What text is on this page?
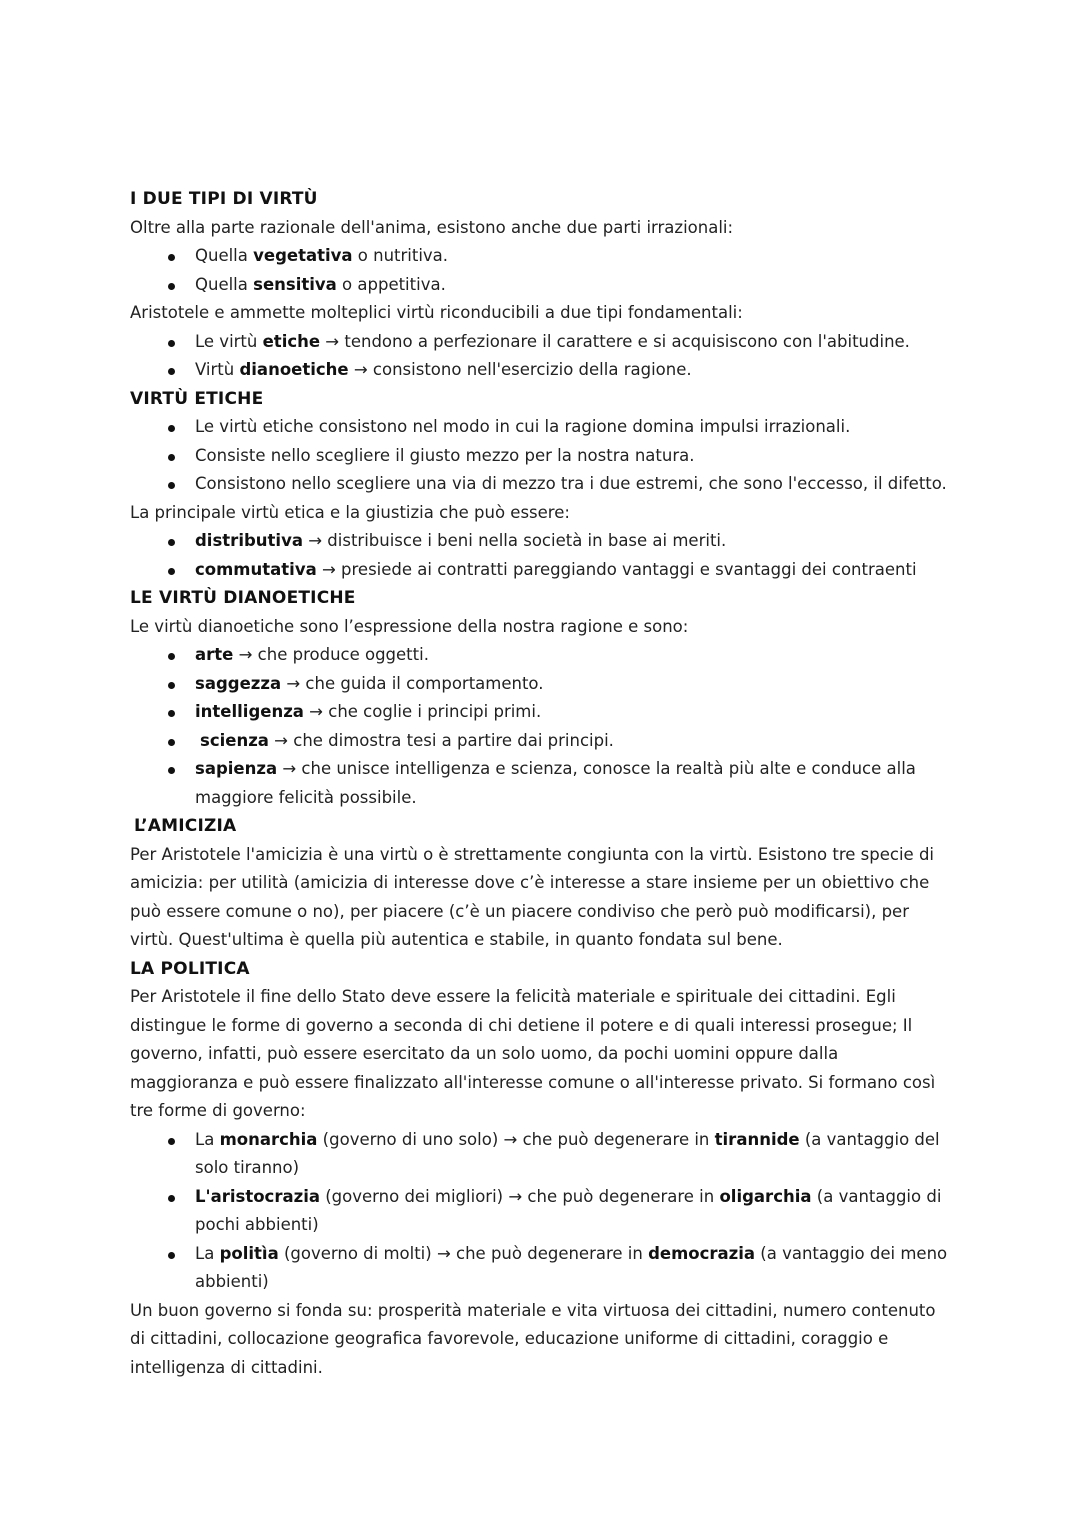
I DUE TIPI DI VIRTÙ

Oltre alla parte razionale dell'anima, esistono anche due parti irrazionali:

Quella vegetativa o nutritiva.
Quella sensitiva o appetitiva.

Aristotele e ammette molteplici virtù riconducibili a due tipi fondamentali:

Le virtù etiche → tendono a perfezionare il carattere e si acquisiscono con l'abitudine.
Virtù dianoetiche → consistono nell'esercizio della ragione.
VIRTÙ ETICHE
Le virtù etiche consistono nel modo in cui la ragione domina impulsi irrazionali.
Consiste nello scegliere il giusto mezzo per la nostra natura.
Consistono nello scegliere una via di mezzo tra i due estremi, che sono l'eccesso, il difetto.

La principale virtù etica e la giustizia che può essere:

distributiva → distribuisce i beni nella società in base ai meriti.
commutativa → presiede ai contratti pareggiando vantaggi e svantaggi dei contraenti
LE VIRTÙ DIANOETICHE

Le virtù dianoetiche sono l’espressione della nostra ragione e sono:

arte → che produce oggetti.
saggezza → che guida il comportamento.
intelligenza → che coglie i principi primi.
scienza → che dimostra tesi a partire dai principi.
sapienza → che unisce intelligenza e scienza, conosce la realtà più alte e conduce alla maggiore felicità possibile.
L’AMICIZIA

Per Aristotele l'amicizia è una virtù o è strettamente congiunta con la virtù. Esistono tre specie di amicizia: per utilità (amicizia di interesse dove c’è interesse a stare insieme per un obiettivo che può essere comune o no), per piacere (c’è un piacere condiviso che però può modificarsi), per virtù. Quest'ultima è quella più autentica e stabile, in quanto fondata sul bene.

LA POLITICA

Per Aristotele il fine dello Stato deve essere la felicità materiale e spirituale dei cittadini. Egli distingue le forme di governo a seconda di chi detiene il potere e di quali interessi prosegue; Il governo, infatti, può essere esercitato da un solo uomo, da pochi uomini oppure dalla maggioranza e può essere finalizzato all'interesse comune o all'interesse privato. Si formano così tre forme di governo:

La monarchia (governo di uno solo) → che può degenerare in tirannide (a vantaggio del solo tiranno)
L'aristocrazia (governo dei migliori) → che può degenerare in oligarchia (a vantaggio di pochi abbienti)
La politìa (governo di molti) → che può degenerare in democrazia (a vantaggio dei meno abbienti)

Un buon governo si fonda su: prosperità materiale e vita virtuosa dei cittadini, numero contenuto di cittadini, collocazione geografica favorevole, educazione uniforme di cittadini, coraggio e intelligenza di cittadini.
